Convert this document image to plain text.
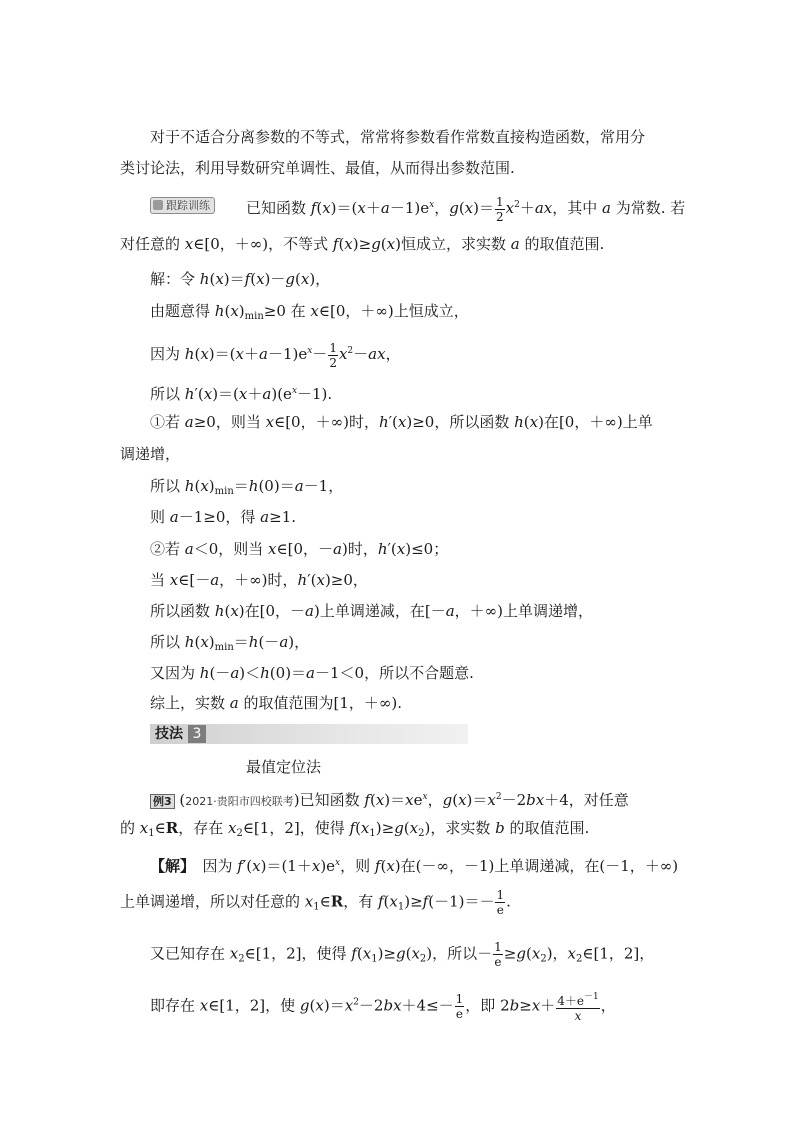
对于不适合分离参数的不等式，常常将参数看作常数直接构造函数，常用分
类讨论法，利用导数研究单调性、最值，从而得出参数范围.
跟踪训练	已知函数 $f(x)=(x+a-1)e^x$，$g(x)= \frac{1}{2} x^2+ax$，其中 a 为常数. 若
对任意的 x∈[0，＋∞)，不等式 f(x)≥g(x)恒成立，求实数 a 的取值范围.
解：令 h(x)＝f(x)－g(x)，
由题意得 $h(x)_{min}\ge 0$ 在 x∈[0，＋∞)上恒成立，
因为 $h(x)=(x+a-1)e^x- \frac{1}{2} x^2-ax$，
所以 $h'(x)=(x+a)(e^x-1)$.
①若 a≥0，则当 x∈[0，＋∞)时，h′(x)≥0，所以函数 h(x)在[0，＋∞)上单
调递增，
所以 $h(x)_{min}=h(0)=a-1$，
则 a－1≥0，得 a≥1.
②若 a＜0，则当 x∈[0，－a)时，h′(x)≤0；
当 x∈[－a，＋∞)时，h′(x)≥0，
所以函数 h(x)在[0，－a)上单调递减，在[－a，＋∞)上单调递增，
所以 $h(x)_{min}=h(-a)$，
又因为 h(－a)＜h(0)＝a－1＜0，所以不合题意.
综上，实数 a 的取值范围为[1，＋∞).
技法 3
最值定位法
例3 (2021·贵阳市四校联考)已知函数 $f(x)=xe^x$，$g(x)=x^2-2bx+4$，对任意
的 $x_1\in R$，存在 $x_2\in[1$，2]，使得 $f(x_1)\ge g(x_2)$，求实数 b 的取值范围.
【解】　因为 $f'(x)=(1+x)e^x$，则 f(x)在(－∞，－1)上单调递减，在(－1，＋∞)
上单调递增，所以对任意的 $x_1\in R$，有 $f(x_1)\ge f(-1)=- \frac{1}{e}$ .
又已知存在 $x_2\in[1$，2]，使得 $f(x_1)\ge g(x_2)$，所以－ $\frac{1}{e} \ge g(x_2)$，$x_2\in[1$，2]，
即存在 x∈[1，2]，使 $g(x)=x^2-2bx+4\le- \frac{1}{e}$ ，即 $2b\ge x+ \frac{4+e^{-1}}{x}$ ，
